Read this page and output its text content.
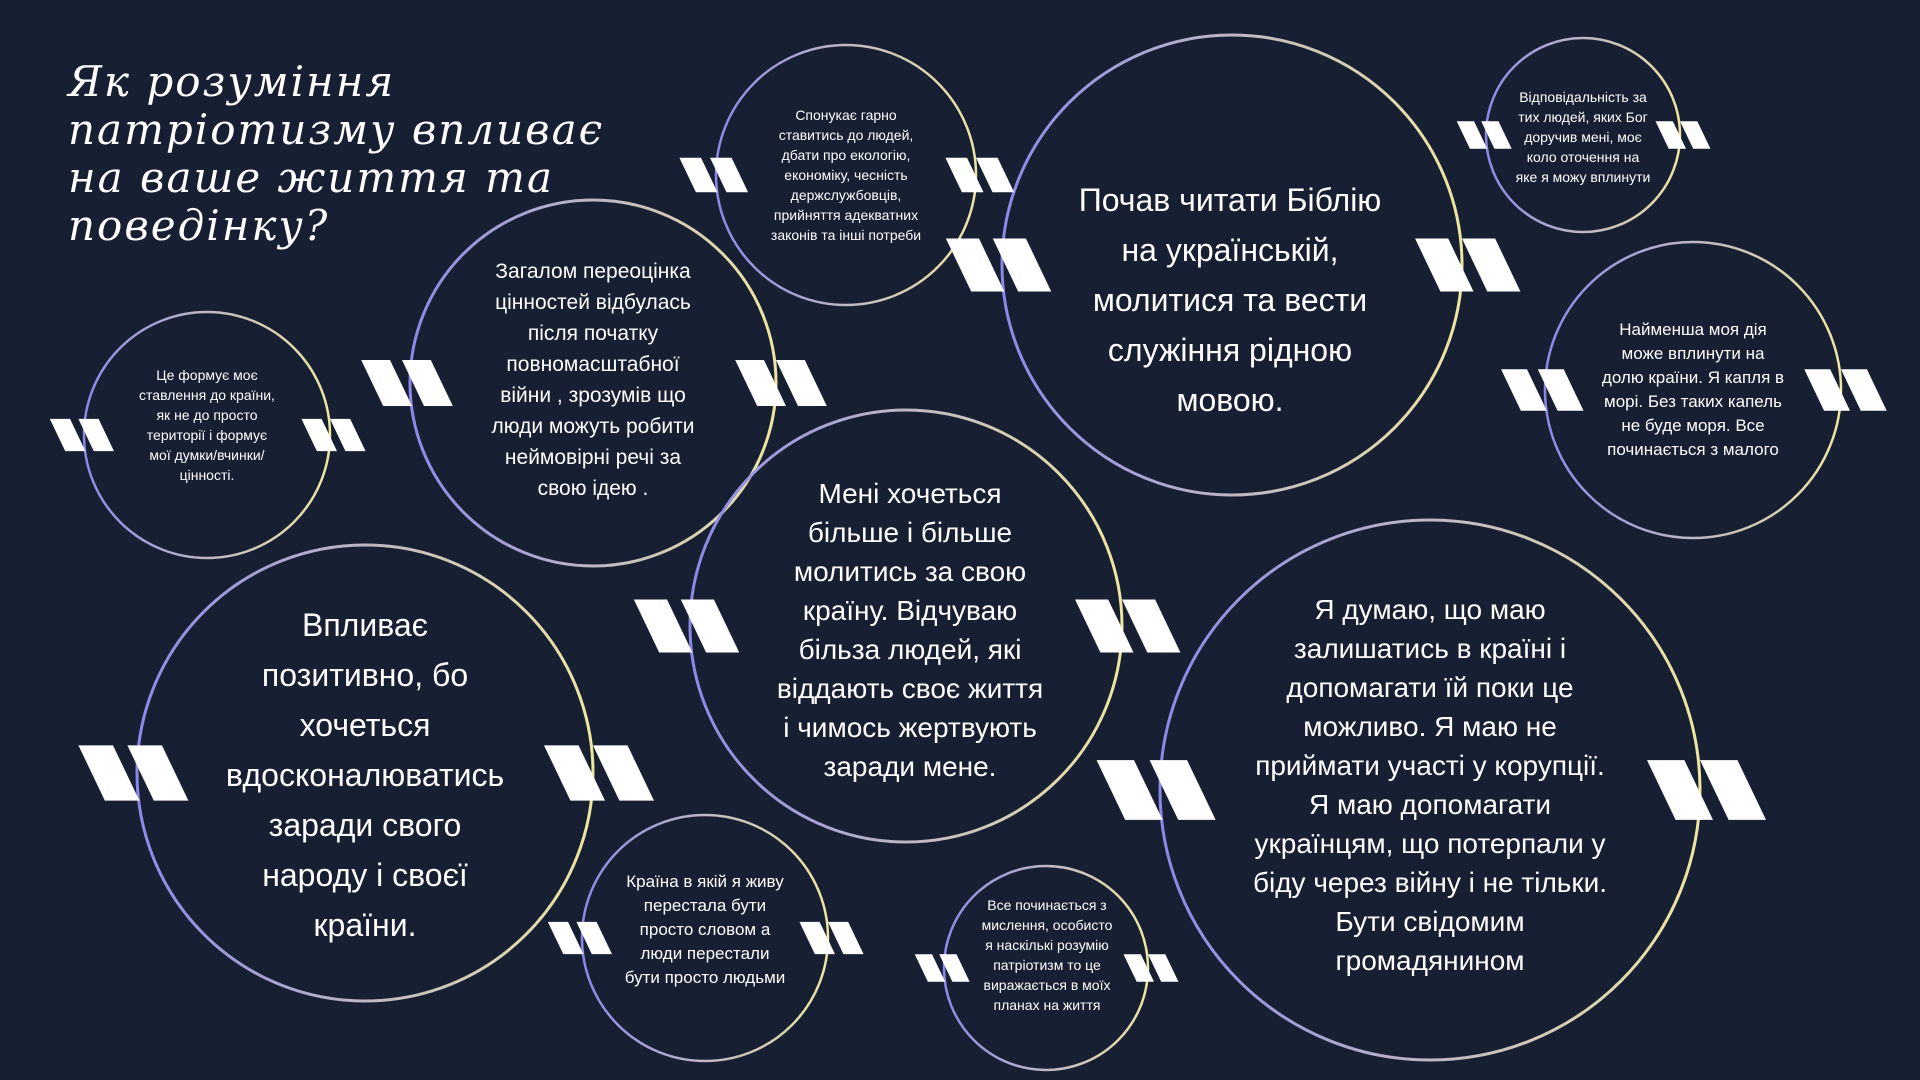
Як розуміння
патріотизму впливає
на ваше життя та
поведінку?
Спонукає гарно
ставитись до людей,
дбати про екологію,
економіку, чесність
держслужбовців,
прийняття адекватних
законів та інші потреби
Почав читати Біблію
на українській,
молитися та вести
служіння рідною
мовою.
Відповідальність за
тих людей, яких Бог
доручив мені, моє
коло оточення на
яке я можу вплинути
Загалом переоцінка
цінностей відбулась
після початку
повномасштабної
війни , зрозумів що
люди можуть робити
неймовірні речі за
свою ідею .
Найменша моя дія
може вплинути на
долю країни. Я капля в
морі. Без таких капель
не буде моря. Все
починається з малого
Це формує моє
ставлення до країни,
як не до просто
території і формує
мої думки/вчинки/
цінності.
Мені хочеться
більше і більше
молитись за свою
країну. Відчуваю
більза людей, які
віддають своє життя
і чимось жертвують
заради мене.
Впливає
позитивно, бо
хочеться
вдосконалюватись
заради свого
народу і своєї
країни.
Я думаю, що маю
залишатись в країні і
допомагати їй поки це
можливо. Я маю не
приймати участі у корупції.
Я маю допомагати
українцям, що потерпали у
біду через війну і не тільки.
Бути свідомим
громадянином
Країна в якій я живу
перестала бути
просто словом а
люди перестали
бути просто людьми
Все починається з
мислення, особисто
я наскількі розумію
патріотизм то це
виражається в моїх
планах на життя
